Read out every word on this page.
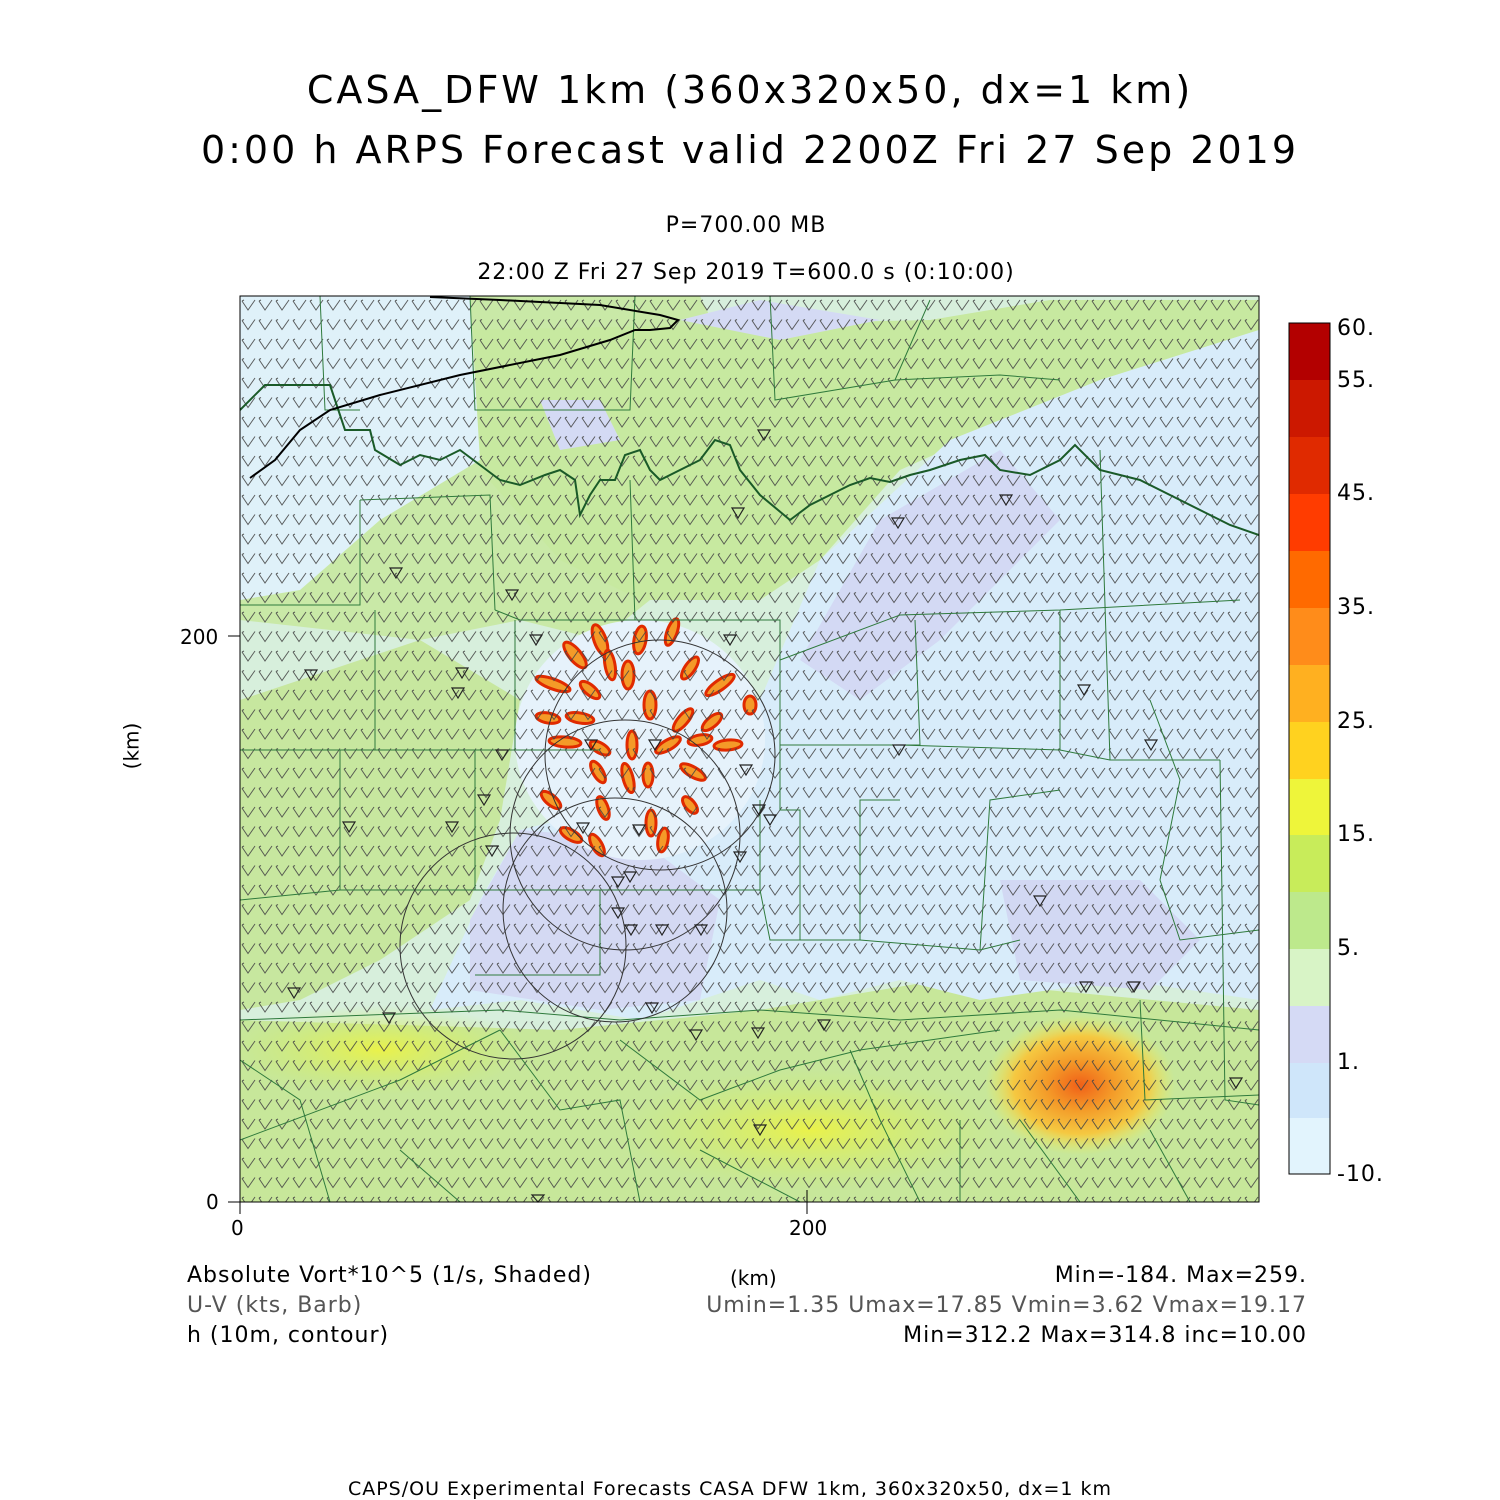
CASA_DFW 1km (360x320x50, dx=1 km)
0:00 h ARPS Forecast valid 2200Z Fri 27 Sep 2019
P=700.00 MB
22:00 Z Fri 27 Sep 2019 T=600.0 s (0:10:00)
60.
55.
45.
35.
25.
15.
5.
1.
-10.
200
0
0	200
(km)
(km)
Absolute Vort*10^5 (1/s, Shaded)
U-V (kts, Barb)
h (10m, contour)
Min=-184. Max=259.
Umin=1.35 Umax=17.85 Vmin=3.62 Vmax=19.17
Min=312.2 Max=314.8 inc=10.00
CAPS/OU Experimental Forecasts CASA DFW 1km, 360x320x50, dx=1 km
